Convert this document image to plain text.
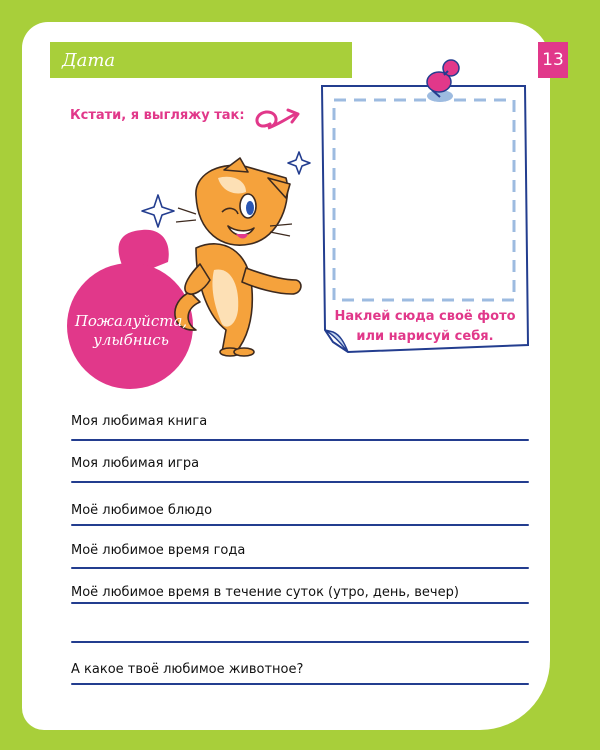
Дата	13
Кстати, я выгляжу так:
Наклей сюда своё фото
или нарисуй себя.
Пожалуйста,
улыбнись
Моя любимая книга
Моя любимая игра
Моё любимое блюдо
Моё любимое время года
Моё любимое время в течение суток (утро, день, вечер)
А какое твоё любимое животное?
